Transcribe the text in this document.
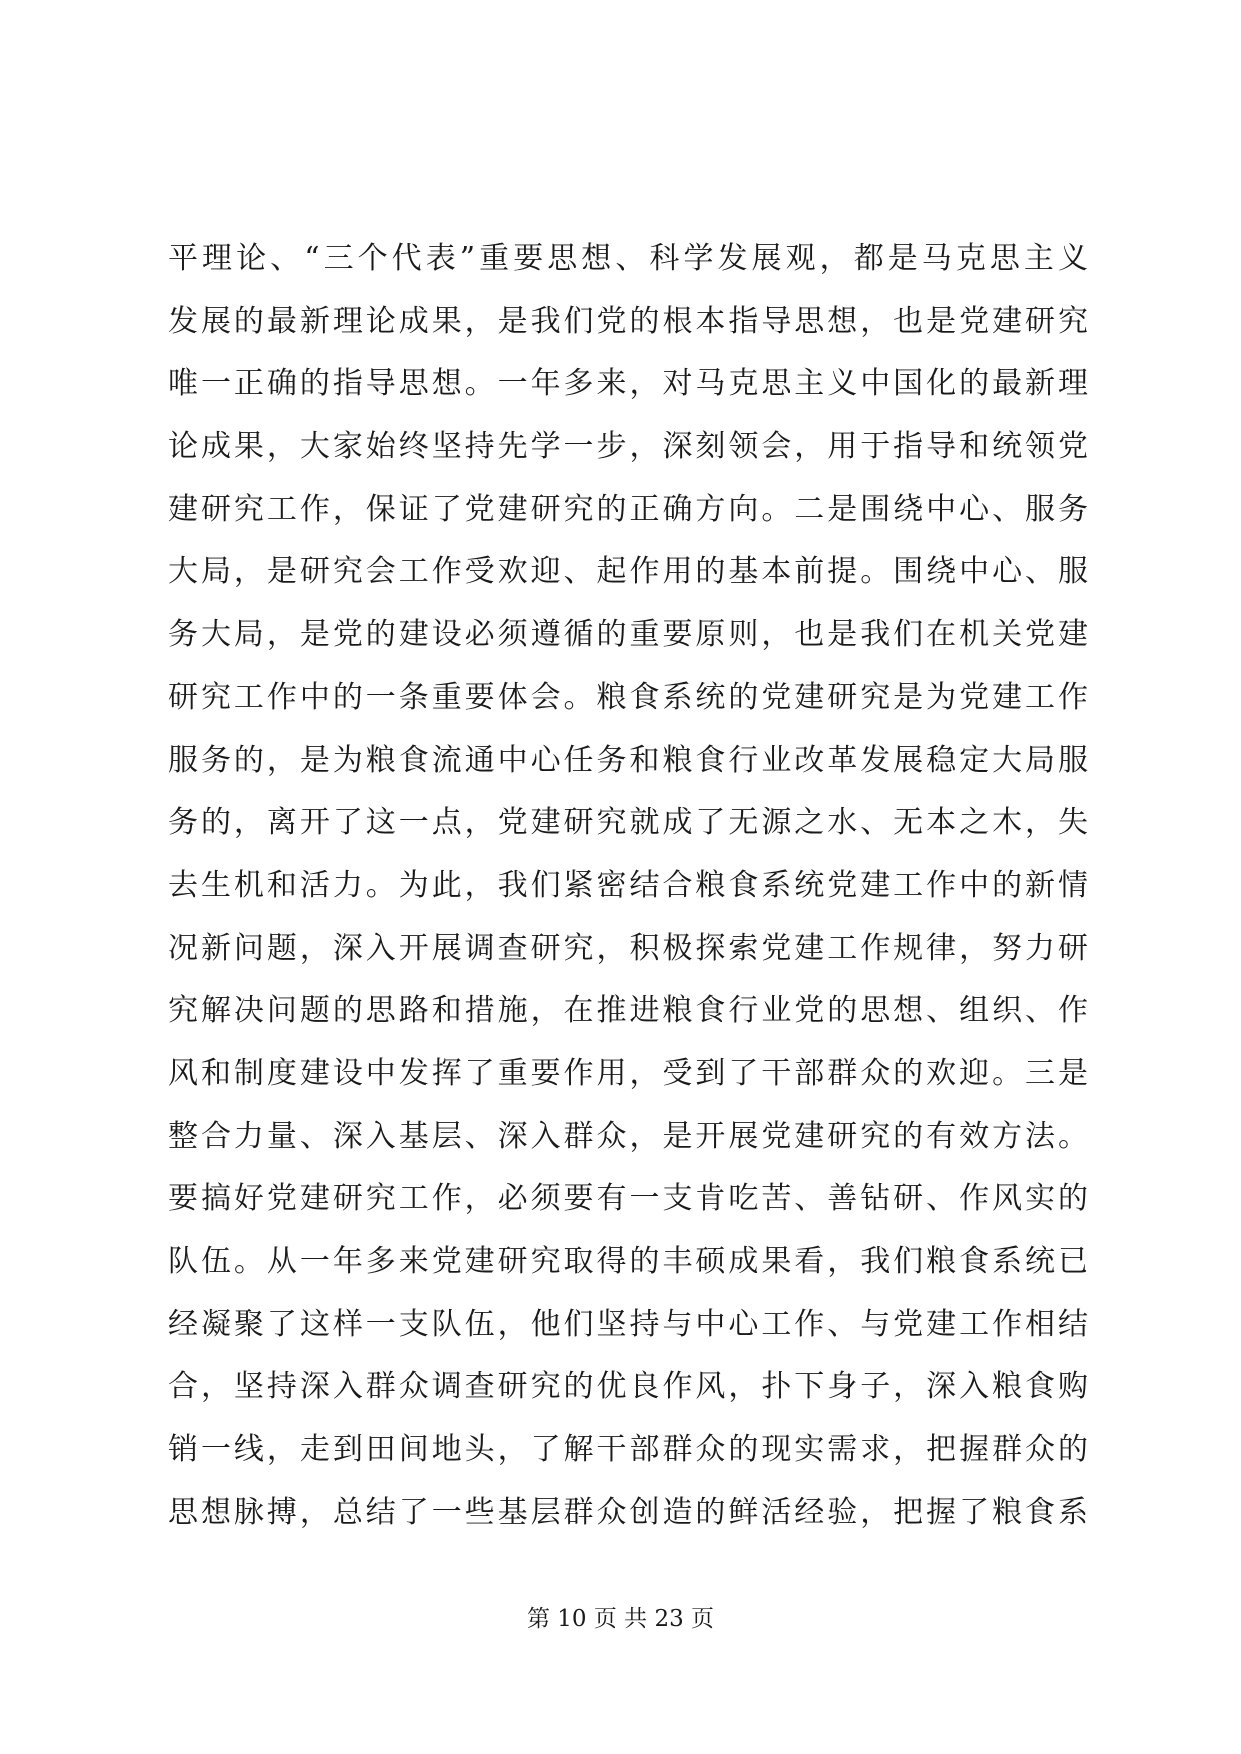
平理论、“三个代表”重要思想、科学发展观，都是马克思主义
发展的最新理论成果，是我们党的根本指导思想，也是党建研究
唯一正确的指导思想。一年多来，对马克思主义中国化的最新理
论成果，大家始终坚持先学一步，深刻领会，用于指导和统领党
建研究工作，保证了党建研究的正确方向。二是围绕中心、服务
大局，是研究会工作受欢迎、起作用的基本前提。围绕中心、服
务大局，是党的建设必须遵循的重要原则，也是我们在机关党建
研究工作中的一条重要体会。粮食系统的党建研究是为党建工作
服务的，是为粮食流通中心任务和粮食行业改革发展稳定大局服
务的，离开了这一点，党建研究就成了无源之水、无本之木，失
去生机和活力。为此，我们紧密结合粮食系统党建工作中的新情
况新问题，深入开展调查研究，积极探索党建工作规律，努力研
究解决问题的思路和措施，在推进粮食行业党的思想、组织、作
风和制度建设中发挥了重要作用，受到了干部群众的欢迎。三是
整合力量、深入基层、深入群众，是开展党建研究的有效方法。
要搞好党建研究工作，必须要有一支肯吃苦、善钻研、作风实的
队伍。从一年多来党建研究取得的丰硕成果看，我们粮食系统已
经凝聚了这样一支队伍，他们坚持与中心工作、与党建工作相结
合，坚持深入群众调查研究的优良作风，扑下身子，深入粮食购
销一线，走到田间地头，了解干部群众的现实需求，把握群众的
思想脉搏，总结了一些基层群众创造的鲜活经验，把握了粮食系
第 10 页 共 23 页
